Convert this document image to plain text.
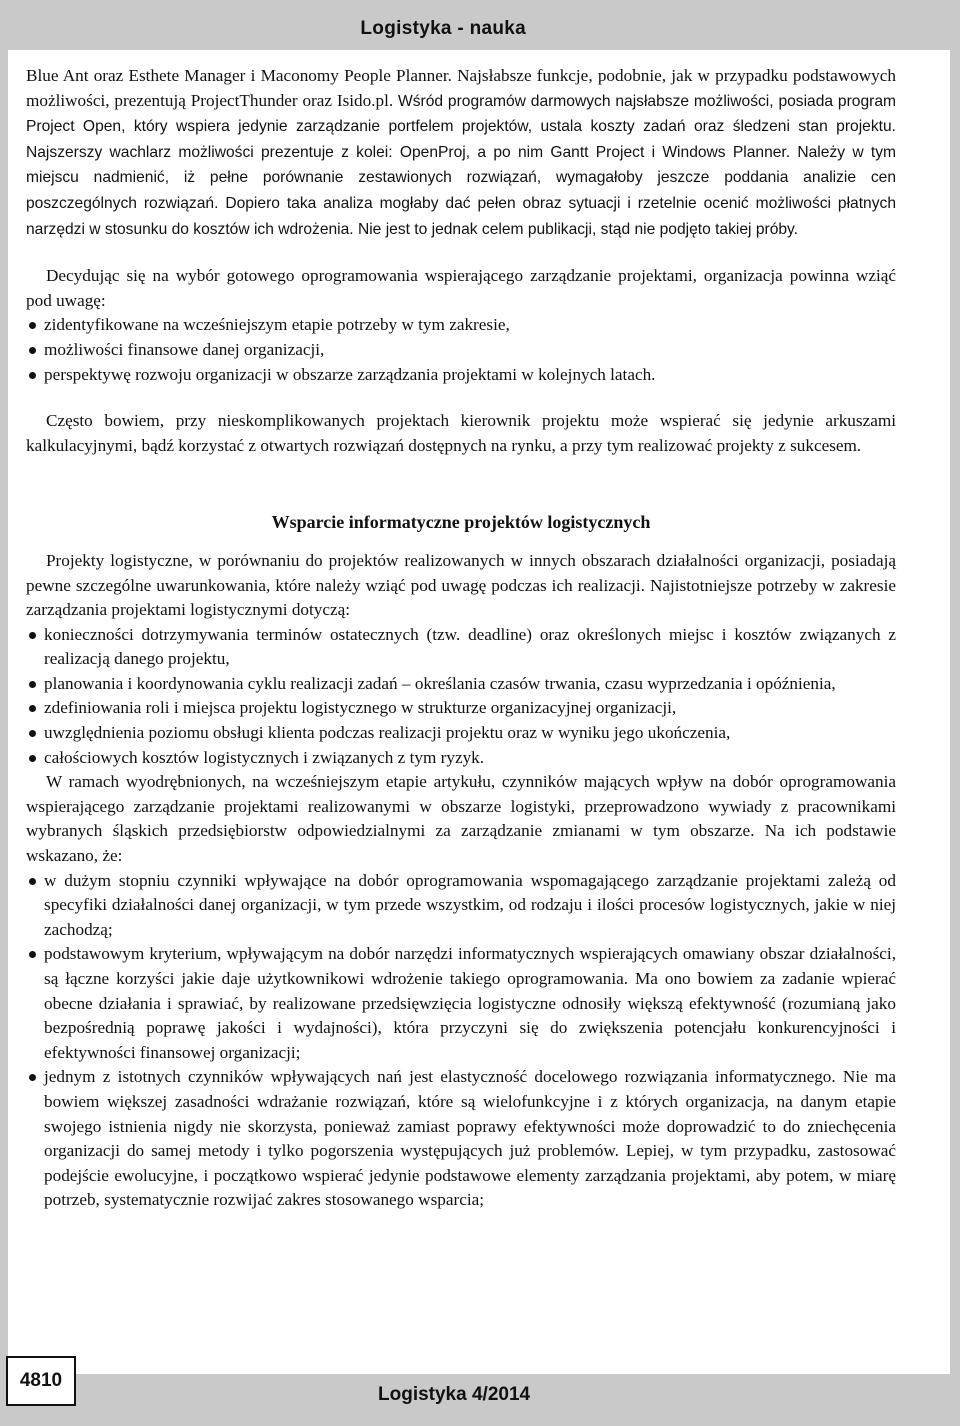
Logistyka - nauka

Blue Ant oraz Esthete Manager i Maconomy People Planner. Najsłabsze funkcje, podobnie, jak w przypadku podstawowych możliwości, prezentują ProjectThunder oraz Isido.pl. Wśród programów darmowych najsłabsze możliwości, posiada program Project Open, który wspiera jedynie zarządzanie portfelem projektów, ustala koszty zadań oraz śledzeni stan projektu. Najszerszy wachlarz możliwości prezentuje z kolei: OpenProj, a po nim Gantt Project i Windows Planner. Należy w tym miejscu nadmienić, iż pełne porównanie zestawionych rozwiązań, wymagałoby jeszcze poddania analizie cen poszczególnych rozwiązań. Dopiero taka analiza mogłaby dać pełen obraz sytuacji i rzetelnie ocenić możliwości płatnych narzędzi w stosunku do kosztów ich wdrożenia. Nie jest to jednak celem publikacji, stąd nie podjęto takiej próby.

Decydując się na wybór gotowego oprogramowania wspierającego zarządzanie projektami, organizacja powinna wziąć pod uwagę:

zidentyfikowane na wcześniejszym etapie potrzeby w tym zakresie,
możliwości finansowe danej organizacji,
perspektywę rozwoju organizacji w obszarze zarządzania projektami w kolejnych latach.

Często bowiem, przy nieskomplikowanych projektach kierownik projektu może wspierać się jedynie arkuszami kalkulacyjnymi, bądź korzystać z otwartych rozwiązań dostępnych na rynku, a przy tym realizować projekty z sukcesem.

Wsparcie informatyczne projektów logistycznych

Projekty logistyczne, w porównaniu do projektów realizowanych w innych obszarach działalności organizacji, posiadają pewne szczególne uwarunkowania, które należy wziąć pod uwagę podczas ich realizacji. Najistotniejsze potrzeby w zakresie zarządzania projektami logistycznymi dotyczą:

konieczności dotrzymywania terminów ostatecznych (tzw. deadline) oraz określonych miejsc i kosztów związanych z realizacją danego projektu,
planowania i koordynowania cyklu realizacji zadań – określania czasów trwania, czasu wyprzedzania i opóźnienia,
zdefiniowania roli i miejsca projektu logistycznego w strukturze organizacyjnej organizacji,
uwzględnienia poziomu obsługi klienta podczas realizacji projektu oraz w wyniku jego ukończenia,
całościowych kosztów logistycznych i związanych z tym ryzyk.

W ramach wyodrębnionych, na wcześniejszym etapie artykułu, czynników mających wpływ na dobór oprogramowania wspierającego zarządzanie projektami realizowanymi w obszarze logistyki, przeprowadzono wywiady z pracownikami wybranych śląskich przedsiębiorstw odpowiedzialnymi za zarządzanie zmianami w tym obszarze. Na ich podstawie wskazano, że:

w dużym stopniu czynniki wpływające na dobór oprogramowania wspomagającego zarządzanie projektami zależą od specyfiki działalności danej organizacji, w tym przede wszystkim, od rodzaju i ilości procesów logistycznych, jakie w niej zachodzą;
podstawowym kryterium, wpływającym na dobór narzędzi informatycznych wspierających omawiany obszar działalności, są łączne korzyści jakie daje użytkownikowi wdrożenie takiego oprogramowania. Ma ono bowiem za zadanie wpierać obecne działania i sprawiać, by realizowane przedsięwzięcia logistyczne odnosiły większą efektywność (rozumianą jako bezpośrednią poprawę jakości i wydajności), która przyczyni się do zwiększenia potencjału konkurencyjności i efektywności finansowej organizacji;
jednym z istotnych czynników wpływających nań jest elastyczność docelowego rozwiązania informatycznego. Nie ma bowiem większej zasadności wdrażanie rozwiązań, które są wielofunkcyjne i z których organizacja, na danym etapie swojego istnienia nigdy nie skorzysta, ponieważ zamiast poprawy efektywności może doprowadzić to do zniechęcenia organizacji do samej metody i tylko pogorszenia występujących już problemów. Lepiej, w tym przypadku, zastosować podejście ewolucyjne, i początkowo wspierać jedynie podstawowe elementy zarządzania projektami, aby potem, w miarę potrzeb, systematycznie rozwijać zakres stosowanego wsparcia;
4810
Logistyka 4/2014
